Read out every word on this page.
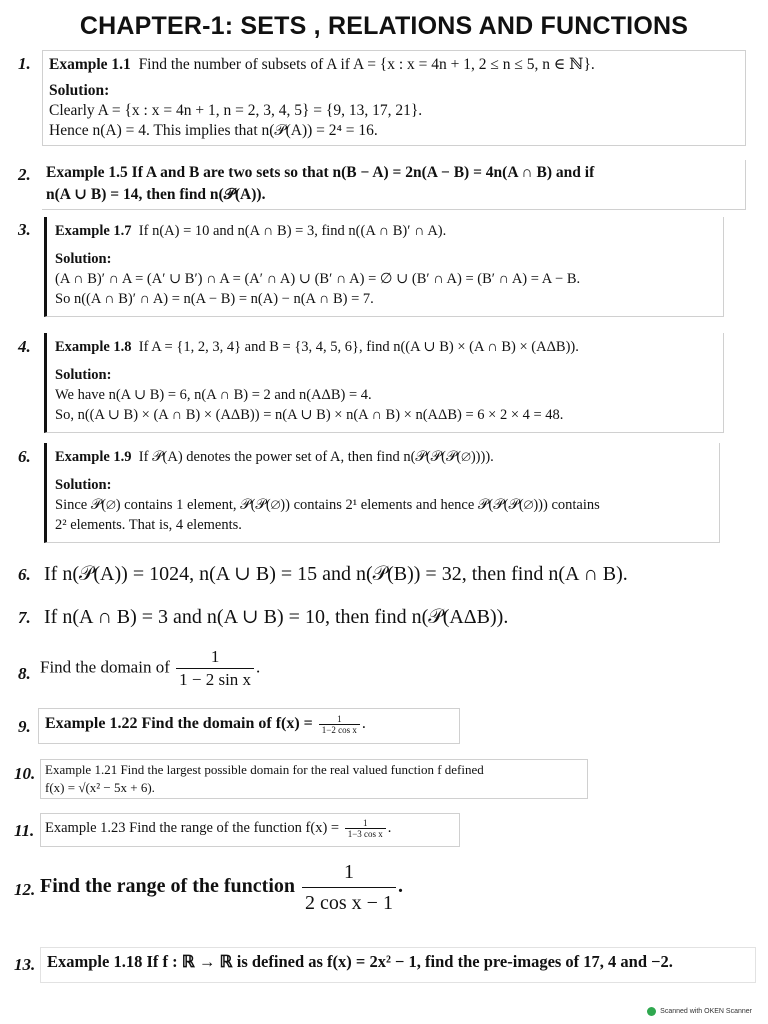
CHAPTER-1: SETS , RELATIONS AND FUNCTIONS
1. Example 1.1 Find the number of subsets of A if A = {x : x = 4n + 1, 2 ≤ n ≤ 5, n ∈ ℕ}.
Solution:
Clearly A = {x : x = 4n + 1, n = 2, 3, 4, 5} = {9, 13, 17, 21}.
Hence n(A) = 4. This implies that n(𝒫(A)) = 2⁴ = 16.
2. Example 1.5 If A and B are two sets so that n(B − A) = 2n(A − B) = 4n(A ∩ B) and if
n(A ∪ B) = 14, then find n(𝒫(A)).
3. Example 1.7 If n(A) = 10 and n(A ∩ B) = 3, find n((A ∩ B)′ ∩ A).
Solution:
(A ∩ B)′ ∩ A = (A′ ∪ B′) ∩ A = (A′ ∩ A) ∪ (B′ ∩ A) = ∅ ∪ (B′ ∩ A) = (B′ ∩ A) = A − B.
So n((A ∩ B)′ ∩ A) = n(A − B) = n(A) − n(A ∩ B) = 7.
4. Example 1.8 If A = {1, 2, 3, 4} and B = {3, 4, 5, 6}, find n((A ∪ B) × (A ∩ B) × (AΔB)).
Solution:
We have n(A ∪ B) = 6, n(A ∩ B) = 2 and n(AΔB) = 4.
So, n((A ∪ B) × (A ∩ B) × (AΔB)) = n(A ∪ B) × n(A ∩ B) × n(AΔB) = 6 × 2 × 4 = 48.
6. Example 1.9 If 𝒫(A) denotes the power set of A, then find n(𝒫(𝒫(𝒫(∅)))).
Solution:
Since 𝒫(∅) contains 1 element, 𝒫(𝒫(∅)) contains 2¹ elements and hence 𝒫(𝒫(𝒫(∅))) contains
2² elements. That is, 4 elements.
6. If n(𝒫(A)) = 1024, n(A ∪ B) = 15 and n(𝒫(B)) = 32, then find n(A ∩ B).
7. If n(A ∩ B) = 3 and n(A ∪ B) = 10, then find n(𝒫(AΔB)).
8. Find the domain of $\frac{1}{\text{1 − 2 sin x}}$ .
9. Example 1.22 Find the domain of $f(x) = \frac{1}{\text{1−2 cos x}}$ .
10. Example 1.21 Find the largest possible domain for the real valued function f defined
f(x) = √(x² − 5x + 6).
11. Example 1.23 Find the range of the function $f(x) = \frac{1}{\text{1−3 cos x}}$ .
12. Find the range of the function $\frac{1}{\text{2 cos x − 1}}$ .
13. Example 1.18 If f : ℝ → ℝ is defined as f(x) = 2x² − 1, find the pre-images of 17, 4 and −2.
Scanned with OKEN Scanner
